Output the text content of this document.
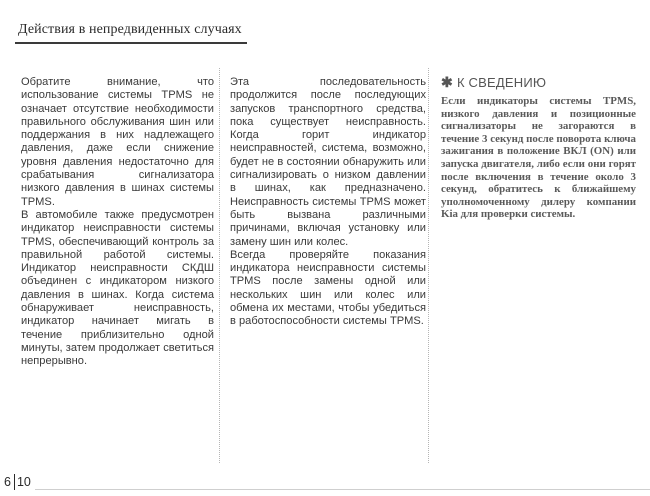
Действия в непредвиденных случаях

Обратите внимание, что использование системы TPMS не означает отсутствие необходимости правильного обслуживания шин или поддержания в них надлежащего давления, даже если снижение уровня давления недостаточно для срабатывания сигнализатора низкого давления в шинах системы TPMS.

В автомобиле также предусмотрен индикатор неисправности системы TPMS, обеспечивающий контроль за правильной работой системы. Индикатор неисправности СКДШ объединен с индикатором низкого давления в шинах. Когда система обнаруживает неисправность, индикатор начинает мигать в течение приблизительно одной минуты, затем продолжает светиться непрерывно.

Эта последовательность продолжится после последующих запусков транспортного средства, пока существует неисправность. Когда горит индикатор неисправностей, система, возможно, будет не в состоянии обнаружить или сигнализировать о низком давлении в шинах, как предназначено. Неисправность системы TPMS может быть вызвана различными причинами, включая установку или замену шин или колес.

Всегда проверяйте показания индикатора неисправности системы TPMS после замены одной или нескольких шин или колес или обмена их местами, чтобы убедиться в работоспособности системы TPMS.

✱ К СВЕДЕНИЮ
Если индикаторы системы TPMS, низкого давления и позиционные сигнализаторы не загораются в течение 3 секунд после поворота ключа зажигания в положение ВКЛ (ON) или запуска двигателя, либо если они горят после включения в течение около 3 секунд, обратитесь к ближайшему уполномоченному дилеру компании Kia для проверки системы.
6 10
